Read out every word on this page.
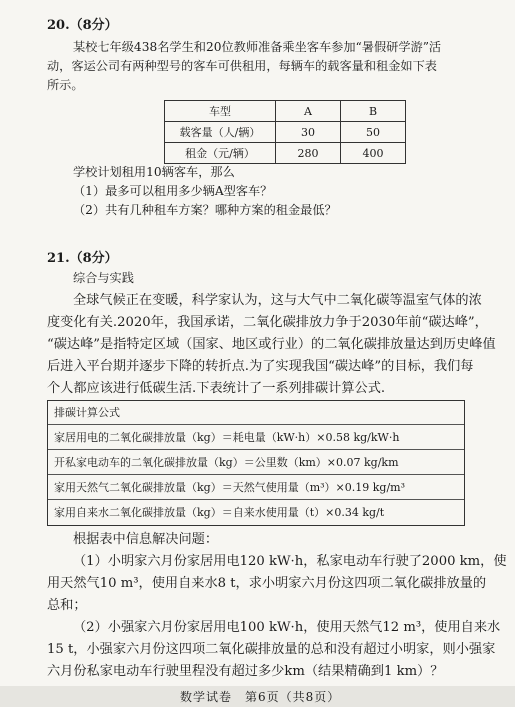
20.（8分）
某校七年级438名学生和20位教师准备乘坐客车参加“暑假研学游”活
动，客运公司有两种型号的客车可供租用，每辆车的载客量和租金如下表
所示。
车型	A	B
载客量（人/辆）	30	50
租金（元/辆）	280	400
学校计划租用10辆客车，那么
（1）最多可以租用多少辆A型客车？
（2）共有几种租车方案？哪种方案的租金最低？
21.（8分）
综合与实践
全球气候正在变暖，科学家认为，这与大气中二氧化碳等温室气体的浓
度变化有关.2020年，我国承诺，二氧化碳排放力争于2030年前“碳达峰”，
“碳达峰”是指特定区域（国家、地区或行业）的二氧化碳排放量达到历史峰值
后进入平台期并逐步下降的转折点.为了实现我国“碳达峰”的目标，我们每
排碳计算公式
家居用电的二氧化碳排放量（kg）＝耗电量（kW·h）×0.58 kg/kW·h
开私家电动车的二氧化碳排放量（kg）＝公里数（km）×0.07 kg/km
家用天然气二氧化碳排放量（kg）＝天然气使用量（m³）×0.19 kg/m³
家用自来水二氧化碳排放量（kg）＝自来水使用量（t）×0.34 kg/t
个人都应该进行低碳生活.下表统计了一系列排碳计算公式.
根据表中信息解决问题：
（1）小明家六月份家居用电120 kW·h，私家电动车行驶了2000 km，使
用天然气10 m³，使用自来水8 t，求小明家六月份这四项二氧化碳排放量的
总和；
（2）小强家六月份家居用电100 kW·h，使用天然气12 m³，使用自来水
15 t，小强家六月份这四项二氧化碳排放量的总和没有超过小明家，则小强家
六月份私家电动车行驶里程没有超过多少km（结果精确到1 km）？
数学试卷　第6页（共8页）
